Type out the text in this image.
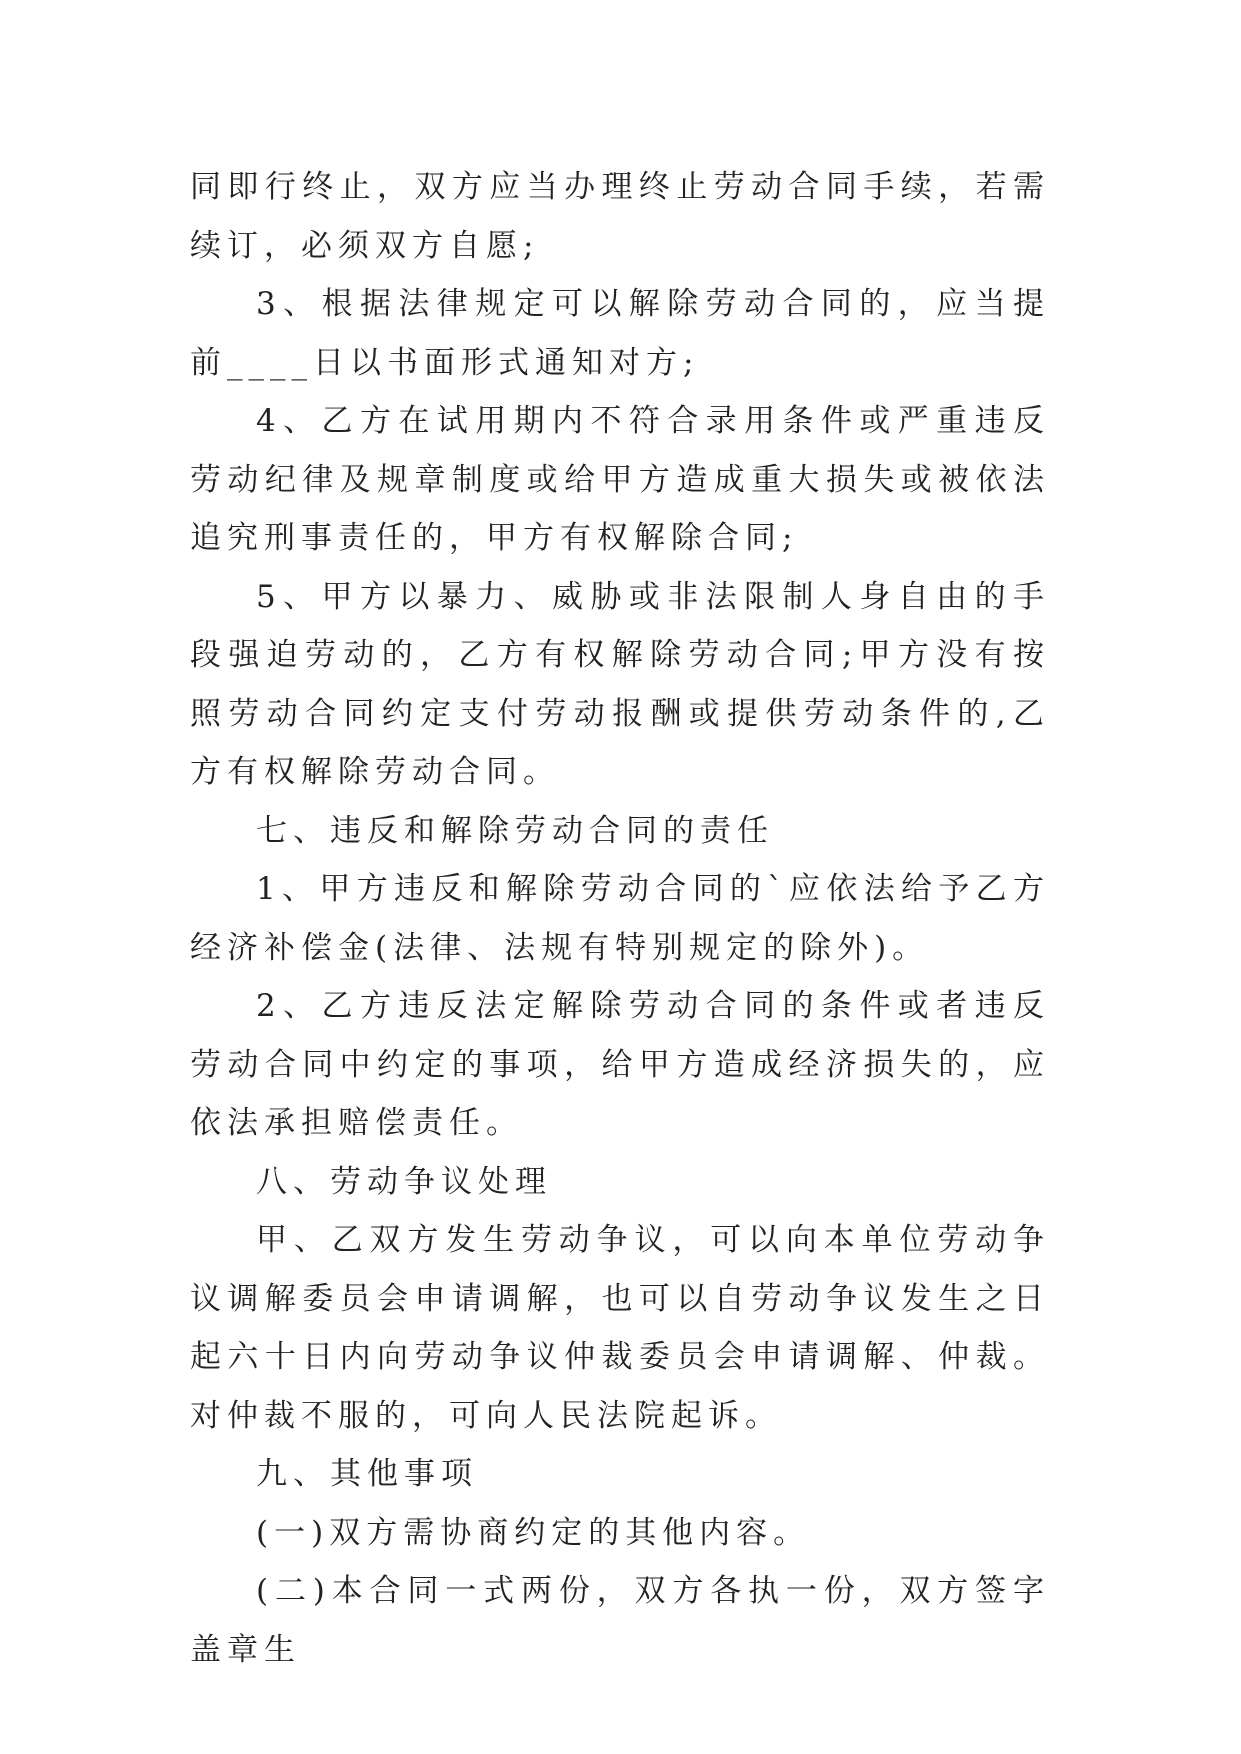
同即行终止，双方应当办理终止劳动合同手续，若需续订，必须双方自愿;

3、根据法律规定可以解除劳动合同的，应当提前____日以书面形式通知对方;

4、乙方在试用期内不符合录用条件或严重违反劳动纪律及规章制度或给甲方造成重大损失或被依法追究刑事责任的，甲方有权解除合同;

5、甲方以暴力、威胁或非法限制人身自由的手段强迫劳动的，乙方有权解除劳动合同;甲方没有按照劳动合同约定支付劳动报酬或提供劳动条件的,乙方有权解除劳动合同。

七、违反和解除劳动合同的责任

1、甲方违反和解除劳动合同的`应依法给予乙方经济补偿金(法律、法规有特别规定的除外)。

2、乙方违反法定解除劳动合同的条件或者违反劳动合同中约定的事项，给甲方造成经济损失的，应依法承担赔偿责任。

八、劳动争议处理

甲、乙双方发生劳动争议，可以向本单位劳动争议调解委员会申请调解，也可以自劳动争议发生之日起六十日内向劳动争议仲裁委员会申请调解、仲裁。对仲裁不服的，可向人民法院起诉。

九、其他事项

(一)双方需协商约定的其他内容。

(二)本合同一式两份，双方各执一份，双方签字盖章生
